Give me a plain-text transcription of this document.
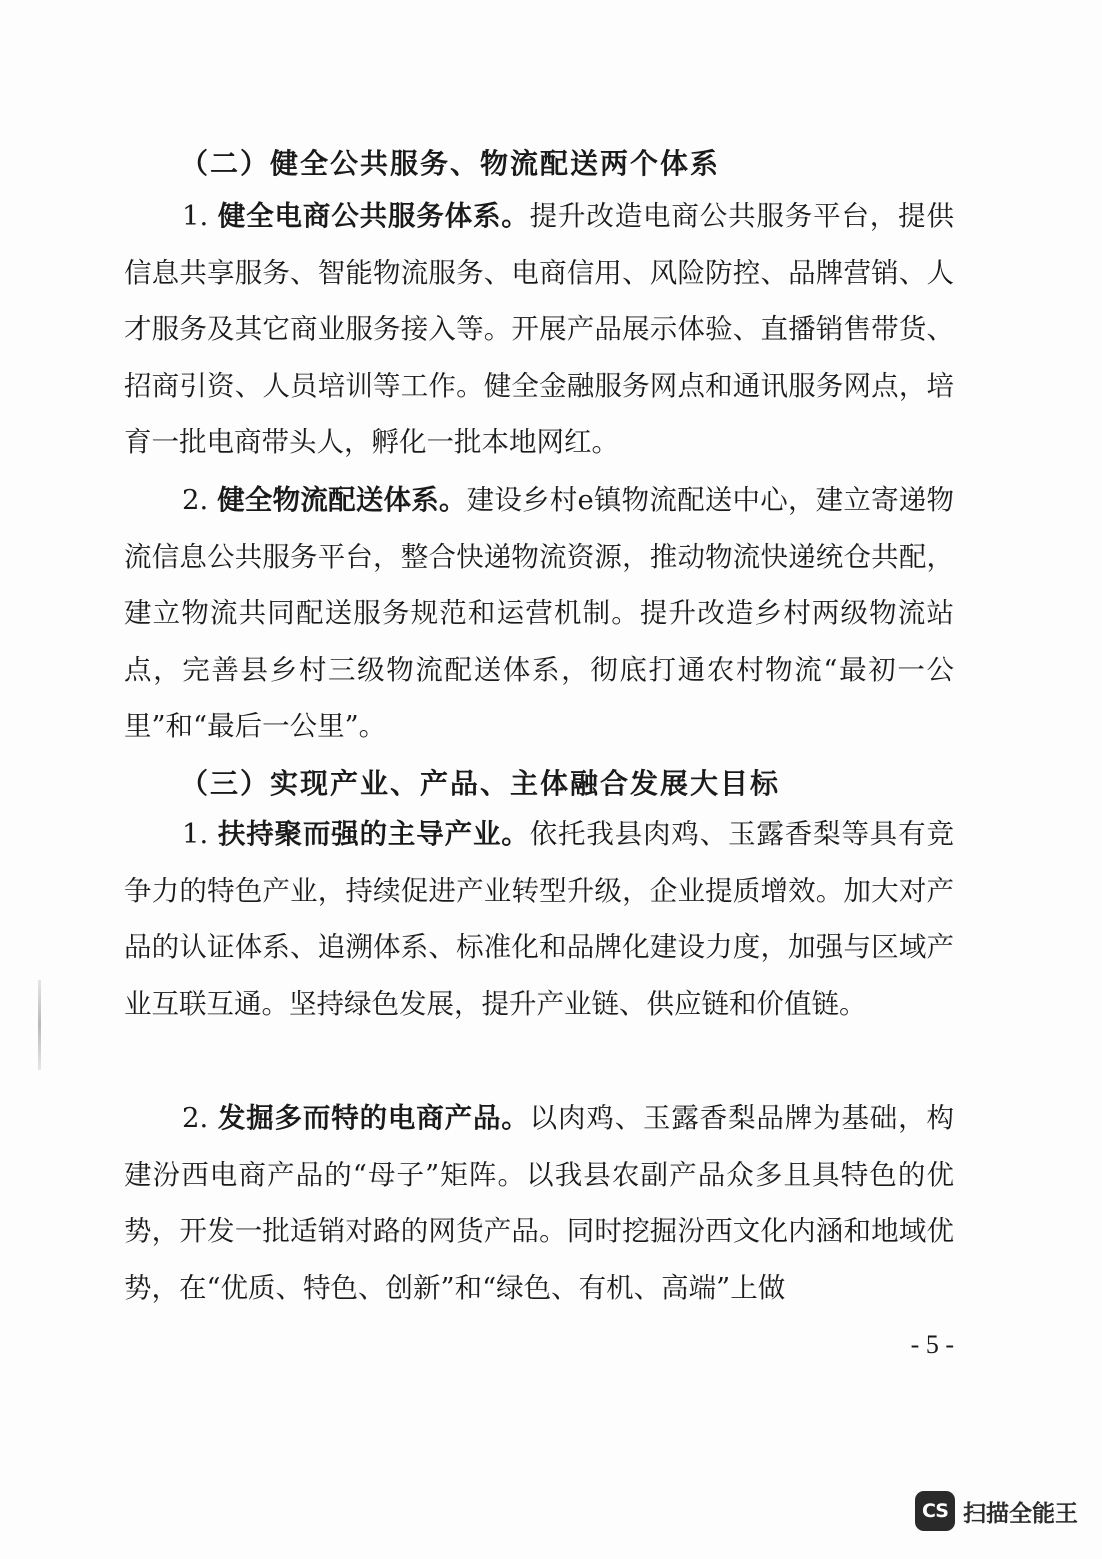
（二）健全公共服务、物流配送两个体系
1. 健全电商公共服务体系。提升改造电商公共服务平台，提供信息共享服务、智能物流服务、电商信用、风险防控、品牌营销、人才服务及其它商业服务接入等。开展产品展示体验、直播销售带货、招商引资、人员培训等工作。健全金融服务网点和通讯服务网点，培育一批电商带头人，孵化一批本地网红。
2. 健全物流配送体系。建设乡村e镇物流配送中心，建立寄递物流信息公共服务平台，整合快递物流资源，推动物流快递统仓共配，建立物流共同配送服务规范和运营机制。提升改造乡村两级物流站点，完善县乡村三级物流配送体系，彻底打通农村物流“最初一公里”和“最后一公里”。
（三）实现产业、产品、主体融合发展大目标
1. 扶持聚而强的主导产业。依托我县肉鸡、玉露香梨等具有竞争力的特色产业，持续促进产业转型升级，企业提质增效。加大对产品的认证体系、追溯体系、标准化和品牌化建设力度，加强与区域产业互联互通。坚持绿色发展，提升产业链、供应链和价值链。
2. 发掘多而特的电商产品。以肉鸡、玉露香梨品牌为基础，构建汾西电商产品的“母子”矩阵。以我县农副产品众多且具特色的优势，开发一批适销对路的网货产品。同时挖掘汾西文化内涵和地域优势，在“优质、特色、创新”和“绿色、有机、高端”上做
- 5 -
CS 扫描全能王
